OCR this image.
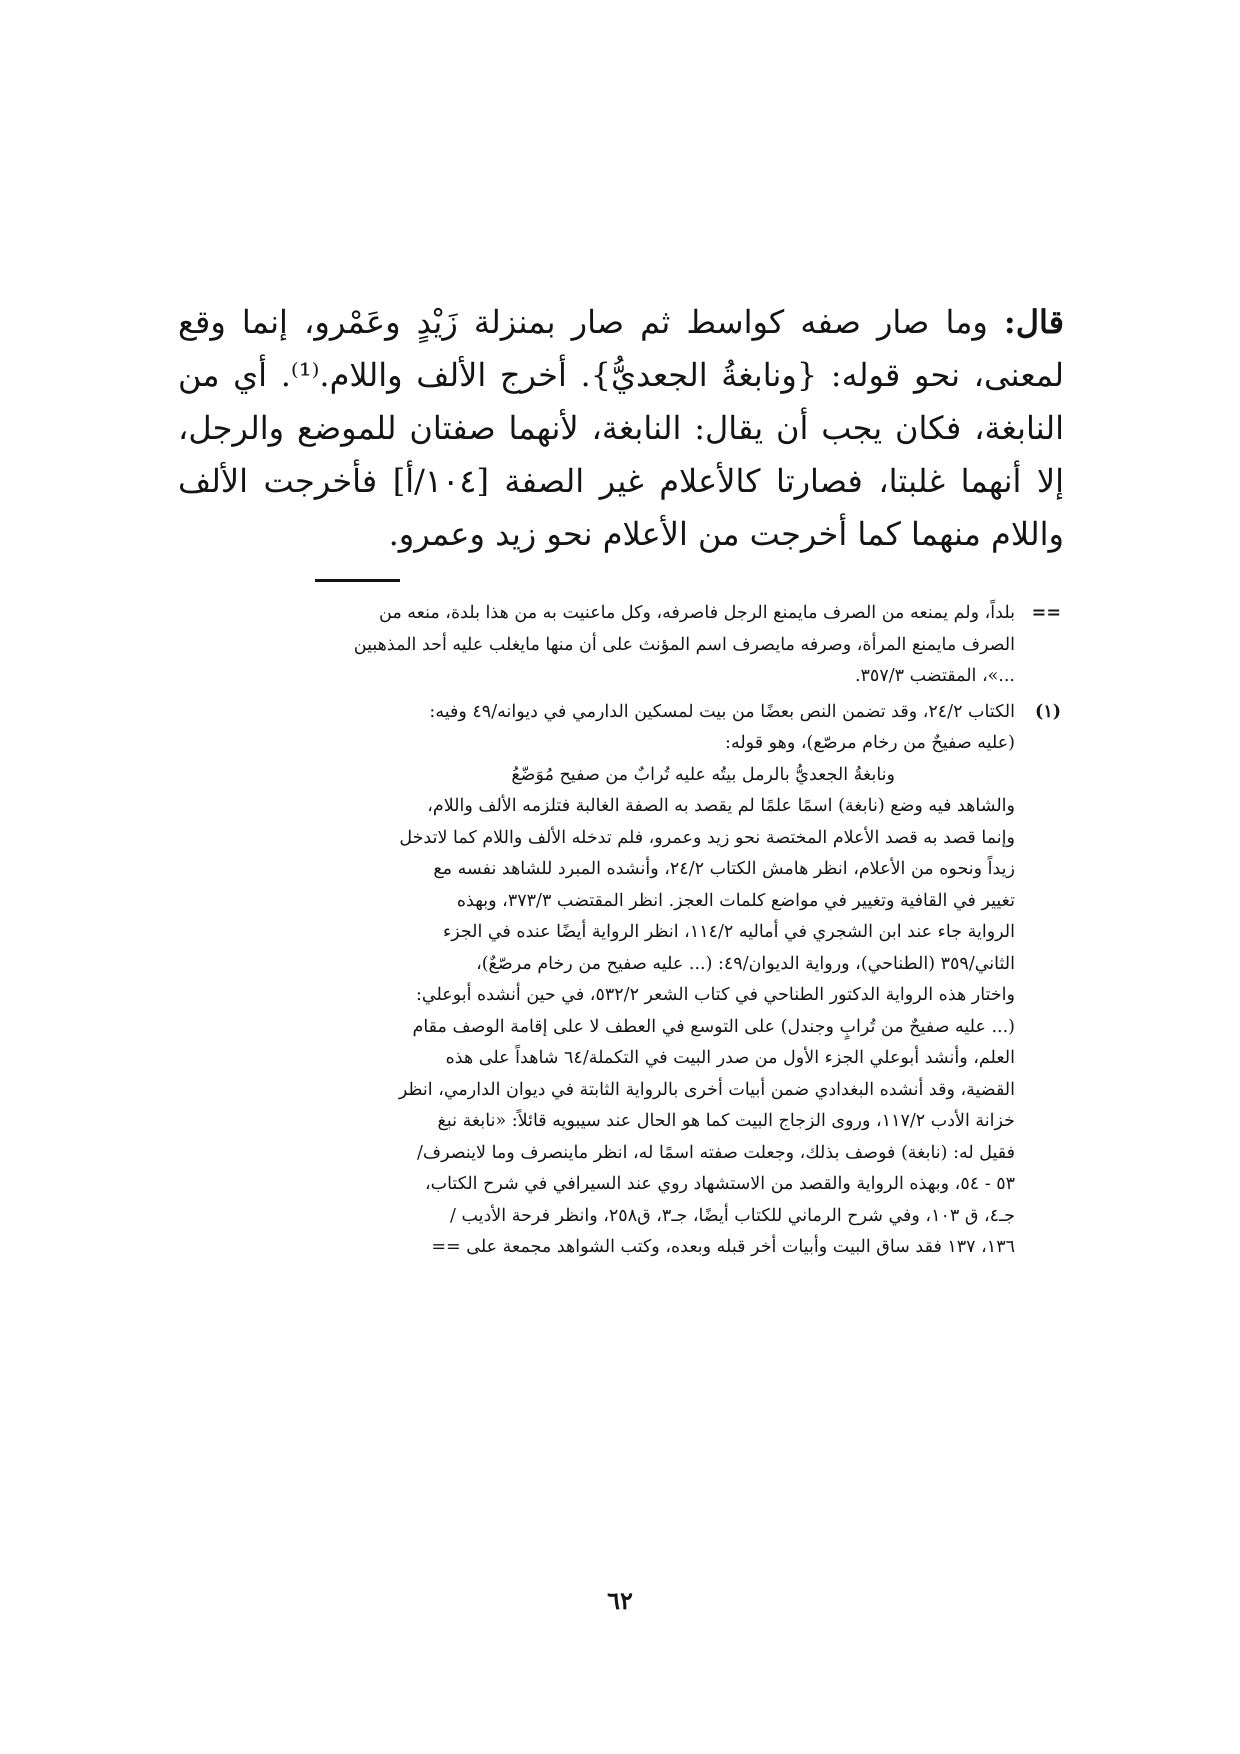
قال: وما صار صفه كواسط ثم صار بمنزلة زَيْدٍ وعَمْرو، إنما وقع لمعنى، نحو قوله: {ونابغةُ الجعديُّ}. أخرج الألف واللام.⁽¹⁾. أي من النابغة، فكان يجب أن يقال: النابغة، لأنهما صفتان للموضع والرجل، إلا أنهما غلبتا، فصارتا كالأعلام غير الصفة [١٠٤/أ] فأخرجت الألف واللام منهما كما أخرجت من الأعلام نحو زيد وعمرو.
==
بلداً، ولم يمنعه من الصرف مايمنع الرجل فاصرفه، وكل ماعنيت به من هذا بلدة، منعه من
الصرف مايمنع المرأة، وصرفه مايصرف اسم المؤنث على أن منها مايغلب عليه أحد المذهبين
...»، المقتضب ٣٥٧/٣.
(١)
الكتاب ٢٤/٢، وقد تضمن النص بعضًا من بيت لمسكين الدارمي في ديوانه/٤٩ وفيه:
(عليه صفيحٌ من رخام مرصّع)، وهو قوله:
ونابغةُ الجعديُّ بالرمل بيتُه عليه تُرابٌ من صفيح مُوَضّعُ
والشاهد فيه وضع (نابغة) اسمًا علمًا لم يقصد به الصفة الغالبة فتلزمه الألف واللام،
وإنما قصد به قصد الأعلام المختصة نحو زيد وعمرو، فلم تدخله الألف واللام كما لاتدخل
زيداً ونحوه من الأعلام، انظر هامش الكتاب ٢٤/٢، وأنشده المبرد للشاهد نفسه مع
تغيير في القافية وتغيير في مواضع كلمات العجز. انظر المقتضب ٣٧٣/٣، وبهذه
الرواية جاء عند ابن الشجري في أماليه ١١٤/٢، انظر الرواية أيضًا عنده في الجزء
الثاني/٣٥٩ (الطناحي)، ورواية الديوان/٤٩: (... عليه صفيح من رخام مرصّعٌ)،
واختار هذه الرواية الدكتور الطناحي في كتاب الشعر ٥٣٢/٢، في حين أنشده أبوعلي:
(... عليه صفيحٌ من تُرابٍ وجندل) على التوسع في العطف لا على إقامة الوصف مقام
العلم، وأنشد أبوعلي الجزء الأول من صدر البيت في التكملة/٦٤ شاهداً على هذه
القضية، وقد أنشده البغدادي ضمن أبيات أخرى بالرواية الثابتة في ديوان الدارمي، انظر
خزانة الأدب ١١٧/٢، وروى الزجاج البيت كما هو الحال عند سيبويه قائلاً: «نابغة نبغ
فقيل له: (نابغة) فوصف بذلك، وجعلت صفته اسمًا له، انظر ماينصرف وما لاينصرف/
٥٣ - ٥٤، وبهذه الرواية والقصد من الاستشهاد روي عند السيرافي في شرح الكتاب،
جـ٤، ق ١٠٣، وفي شرح الرماني للكتاب أيضًا، جـ٣، ق٢٥٨، وانظر فرحة الأديب /
١٣٦، ١٣٧ فقد ساق البيت وأبيات أخر قبله وبعده، وكتب الشواهد مجمعة على ==
٦٢
